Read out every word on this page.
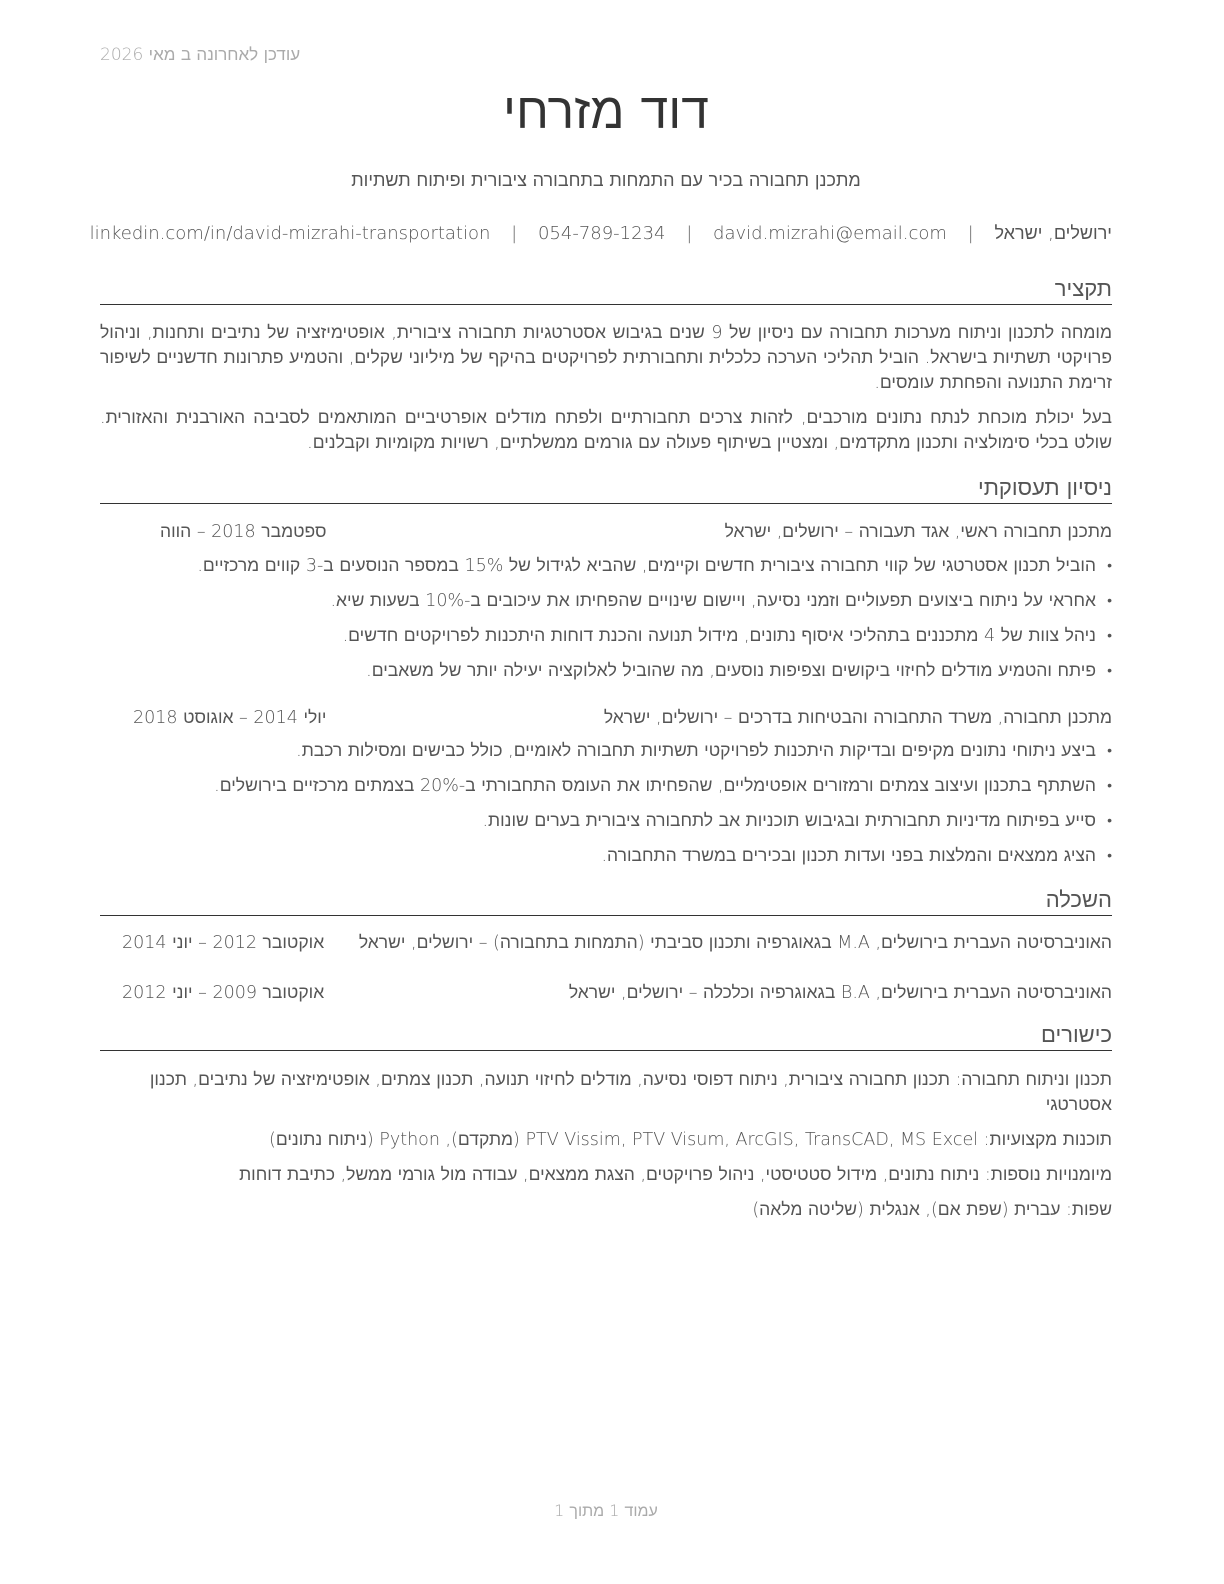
עודכן לאחרונה ב מאי 2026
דוד מזרחי
מתכנן תחבורה בכיר עם התמחות בתחבורה ציבורית ופיתוח תשתיות
ירושלים, ישראל | david.mizrahi@email.com | 054-789-1234 | linkedin.com/in/david-mizrahi-transportation
תקציר

מומחה לתכנון וניתוח מערכות תחבורה עם ניסיון של 9 שנים בגיבוש אסטרטגיות תחבורה ציבורית, אופטימיזציה של נתיבים ותחנות, וניהול פרויקטי תשתיות בישראל. הוביל תהליכי הערכה כלכלית ותחבורתית לפרויקטים בהיקף של מיליוני שקלים, והטמיע פתרונות חדשניים לשיפור זרימת התנועה והפחתת עומסים.

בעל יכולת מוכחת לנתח נתונים מורכבים, לזהות צרכים תחבורתיים ולפתח מודלים אופרטיביים המותאמים לסביבה האורבנית והאזורית. שולט בכלי סימולציה ותכנון מתקדמים, ומצטיין בשיתוף פעולה עם גורמים ממשלתיים, רשויות מקומיות וקבלנים.

ניסיון תעסוקתי
מתכנן תחבורה ראשי, אגד תעבורה – ירושלים, ישראל
ספטמבר 2018 – הווה
• הוביל תכנון אסטרטגי של קווי תחבורה ציבורית חדשים וקיימים, שהביא לגידול של 15% במספר הנוסעים ב-3 קווים מרכזיים.
• אחראי על ניתוח ביצועים תפעוליים וזמני נסיעה, ויישום שינויים שהפחיתו את עיכובים ב-10% בשעות שיא.
• ניהל צוות של 4 מתכננים בתהליכי איסוף נתונים, מידול תנועה והכנת דוחות היתכנות לפרויקטים חדשים.
• פיתח והטמיע מודלים לחיזוי ביקושים וצפיפות נוסעים, מה שהוביל לאלוקציה יעילה יותר של משאבים.
מתכנן תחבורה, משרד התחבורה והבטיחות בדרכים – ירושלים, ישראל
יולי 2014 – אוגוסט 2018
• ביצע ניתוחי נתונים מקיפים ובדיקות היתכנות לפרויקטי תשתיות תחבורה לאומיים, כולל כבישים ומסילות רכבת.
• השתתף בתכנון ועיצוב צמתים ורמזורים אופטימליים, שהפחיתו את העומס התחבורתי ב-20% בצמתים מרכזיים בירושלים.
• סייע בפיתוח מדיניות תחבורתית ובגיבוש תוכניות אב לתחבורה ציבורית בערים שונות.
• הציג ממצאים והמלצות בפני ועדות תכנון ובכירים במשרד התחבורה.
השכלה
האוניברסיטה העברית בירושלים, M.A בגאוגרפיה ותכנון סביבתי (התמחות בתחבורה) – ירושלים, ישראל
אוקטובר 2012 – יוני 2014
האוניברסיטה העברית בירושלים, B.A בגאוגרפיה וכלכלה – ירושלים, ישראל
אוקטובר 2009 – יוני 2012
כישורים
תכנון וניתוח תחבורה: תכנון תחבורה ציבורית, ניתוח דפוסי נסיעה, מודלים לחיזוי תנועה, תכנון צמתים, אופטימיזציה של נתיבים, תכנון אסטרטגי
תוכנות מקצועיות: PTV Vissim, PTV Visum, ArcGIS, TransCAD, MS Excel (מתקדם), Python (ניתוח נתונים)
מיומנויות נוספות: ניתוח נתונים, מידול סטטיסטי, ניהול פרויקטים, הצגת ממצאים, עבודה מול גורמי ממשל, כתיבת דוחות
שפות: עברית (שפת אם), אנגלית (שליטה מלאה)
עמוד 1 מתוך 1
